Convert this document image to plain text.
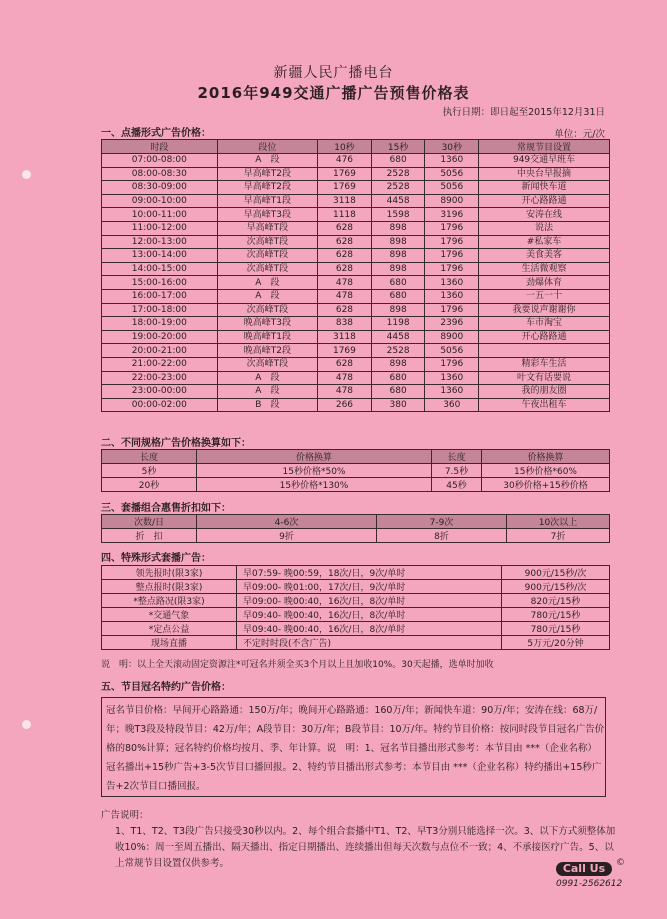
新疆人民广播电台
2016年949交通广播广告预售价格表
执行日期：即日起至2015年12月31日
一、点播形式广告价格：	单位：元/次
时段	段位	10秒	15秒	30秒	常规节目设置
07:00-08:00	A　段	476	680	1360	949交通早班车
08:00-08:30	早高峰T2段	1769	2528	5056	中央台早报摘
08:30-09:00	早高峰T2段	1769	2528	5056	新闻快车道
09:00-10:00	早高峰T1段	3118	4458	8900	开心路路通
10:00-11:00	早高峰T3段	1118	1598	3196	安涛在线
11:00-12:00	早高峰T段	628	898	1796	说法
12:00-13:00	次高峰T段	628	898	1796	#私家车
13:00-14:00	次高峰T段	628	898	1796	美食美客
14:00-15:00	次高峰T段	628	898	1796	生活微观察
15:00-16:00	A　段	478	680	1360	劲爆体育
16:00-17:00	A　段	478	680	1360	一五一十
17:00-18:00	次高峰T段	628	898	1796	我要说声谢谢你
18:00-19:00	晚高峰T3段	838	1198	2396	车市淘宝
19:00-20:00	晚高峰T1段	3118	4458	8900	开心路路通
20:00-21:00	晚高峰T2段	1769	2528	5056	
21:00-22:00	次高峰T段	628	898	1796	精彩车生活
22:00-23:00	A　段	478	680	1360	叶文有话要说
23:00-00:00	A　段	478	680	1360	我的朋友圈
00:00-02:00	B　段	266	380	360	午夜出租车
二、不同规格广告价格换算如下：
长度	价格换算	长度	价格换算
5秒	15秒价格*50%	7.5秒	15秒价格*60%
20秒	15秒价格*130%	45秒	30秒价格+15秒价格
三、套播组合惠售折扣如下：
次数/日	4-6次	7-9次	10次以上
折　扣	9折	8折	7折
四、特殊形式套播广告：
领先报时(限3家)	早07:59- 晚00:59，18次/日，9次/单时	900元/15秒/次
整点报时(限3家)	早09:00- 晚01:00，17次/日，9次/单时	900元/15秒/次
*整点路况(限3家)	早09:00- 晚00:40，16次/日，8次/单时	820元/15秒
*交通气象	早09:40- 晚00:40，16次/日，8次/单时	780元/15秒
*定点公益	早09:40- 晚00:40，16次/日，8次/单时	780元/15秒
现场直播	不定时时段(不含广告)	5万元/20分钟
说　明：以上全天滚动固定资源注*可冠名并须全买3个月以上且加收10%。30天起播，选单时加收
五、节目冠名特约广告价格：
冠名节目价格：早间开心路路通：150万/年；晚间开心路路通：160万/年；新闻快车道：90万/年；安涛在线：68万/年；晚T3段及特段节目：42万/年；A段节目：30万/年；B段节目：10万/年。特约节目价格：按同时段节目冠名广告价格的80%计算；冠名特约价格均按月、季、年计算。说　明：1、冠名节目播出形式参考：本节目由 ***（企业名称）冠名播出+15秒广告+3-5次节目口播回报。2、特约节目播出形式参考：本节目由 ***（企业名称）特约播出+15秒广告+2次节目口播回报。
广告说明：
1、T1、T2、T3段广告只接受30秒以内。2、每个组合套播中T1、T2、早T3分别只能选择一次。3、以下方式须整体加收10%：周一至周五播出、隔天播出、指定日期播出、连续播出但每天次数与点位不一致；4、不承接医疗广告。5、以上常规节目设置仅供参考。	Call Us	©
0991-2562612
